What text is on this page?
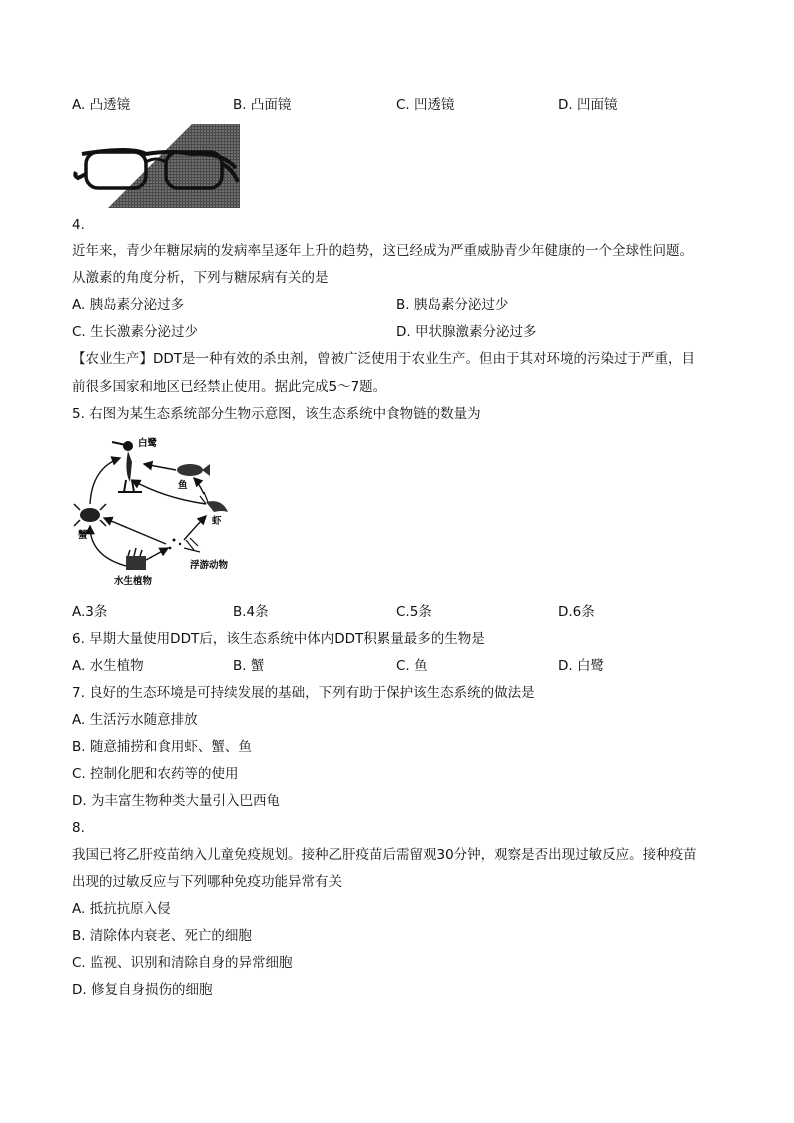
A. 凸透镜	B. 凸面镜	C. 凹透镜	D. 凹面镜
4.
近年来，青少年糖尿病的发病率呈逐年上升的趋势，这已经成为严重威胁青少年健康的一个全球性问题。
从激素的角度分析，下列与糖尿病有关的是
A. 胰岛素分泌过多	B. 胰岛素分泌过少
C. 生长激素分泌过少	D. 甲状腺激素分泌过多
【农业生产】DDT是一种有效的杀虫剂，曾被广泛使用于农业生产。但由于其对环境的污染过于严重，目
前很多国家和地区已经禁止使用。据此完成5～7题。
5. 右图为某生态系统部分生物示意图，该生态系统中食物链的数量为
白鹭
鱼
虾
蟹
浮游动物
水生植物
A.3条	B.4条	C.5条	D.6条
6. 早期大量使用DDT后，该生态系统中体内DDT积累量最多的生物是
A. 水生植物	B. 蟹	C. 鱼	D. 白鹭
7. 良好的生态环境是可持续发展的基础，下列有助于保护该生态系统的做法是
A. 生活污水随意排放
B. 随意捕捞和食用虾、蟹、鱼
C. 控制化肥和农药等的使用
D. 为丰富生物种类大量引入巴西龟
8.
我国已将乙肝疫苗纳入儿童免疫规划。接种乙肝疫苗后需留观30分钟，观察是否出现过敏反应。接种疫苗
出现的过敏反应与下列哪种免疫功能异常有关
A. 抵抗抗原入侵
B. 清除体内衰老、死亡的细胞
C. 监视、识别和清除自身的异常细胞
D. 修复自身损伤的细胞
